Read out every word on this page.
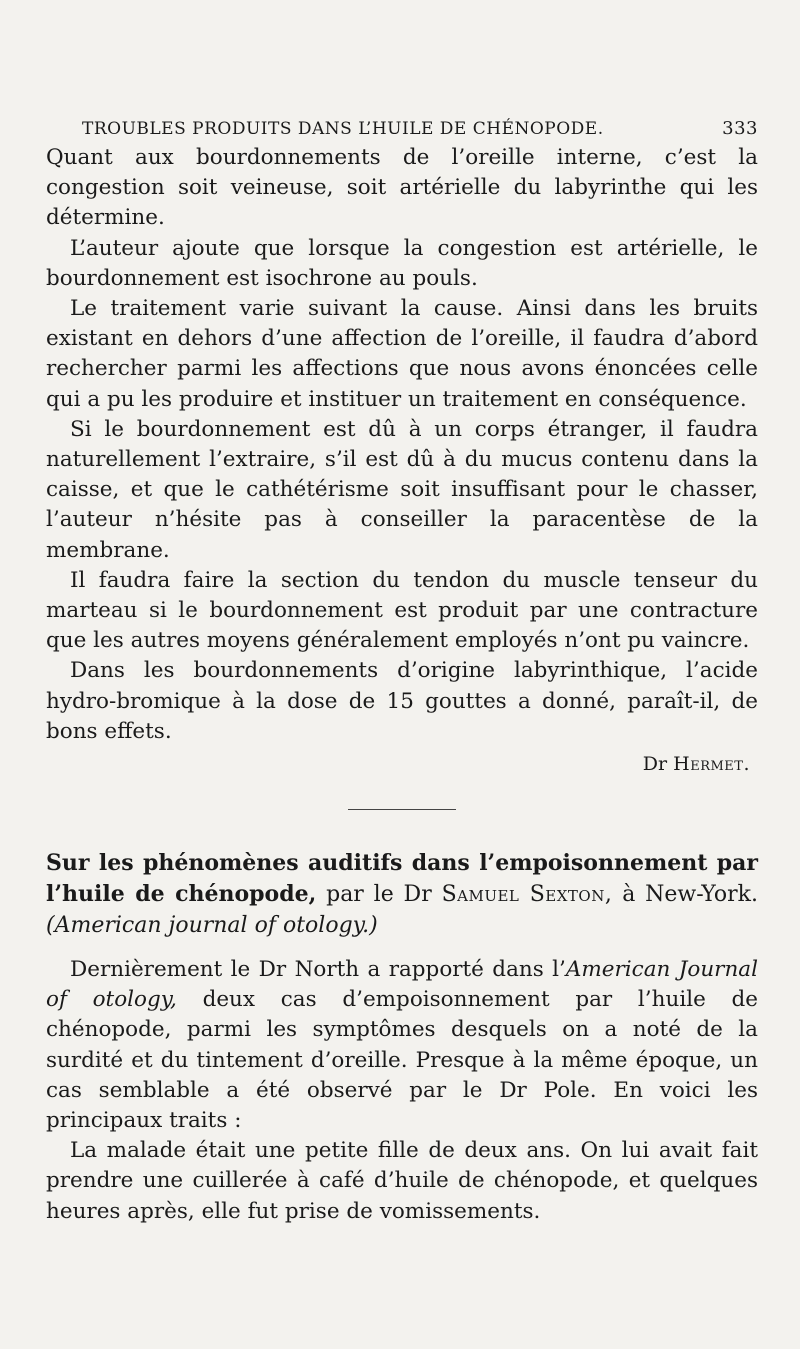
TROUBLES PRODUITS DANS L’HUILE DE CHÉNOPODE.	333

Quant aux bourdonnements de l’oreille interne, c’est la congestion soit veineuse, soit artérielle du labyrinthe qui les détermine.

L’auteur ajoute que lorsque la congestion est artérielle, le bourdonnement est isochrone au pouls.

Le traitement varie suivant la cause. Ainsi dans les bruits existant en dehors d’une affection de l’oreille, il faudra d’abord rechercher parmi les affections que nous avons énoncées celle qui a pu les produire et instituer un traitement en conséquence.

Si le bourdonnement est dû à un corps étranger, il faudra naturellement l’extraire, s’il est dû à du mucus contenu dans la caisse, et que le cathétérisme soit insuffisant pour le chasser, l’auteur n’hésite pas à conseiller la paracentèse de la membrane.

Il faudra faire la section du tendon du muscle tenseur du marteau si le bourdonnement est produit par une contracture que les autres moyens généralement employés n’ont pu vaincre.

Dans les bourdonnements d’origine labyrinthique, l’acide hydro-bromique à la dose de 15 gouttes a donné, paraît-il, de bons effets.

Dr Hermet.
Sur les phénomènes auditifs dans l’empoisonnement par l’huile de chénopode, par le Dr Samuel Sexton, à New-York. (American journal of otology.)

Dernièrement le Dr North a rapporté dans l’American Journal of otology, deux cas d’empoisonnement par l’huile de chénopode, parmi les symptômes desquels on a noté de la surdité et du tintement d’oreille. Presque à la même époque, un cas semblable a été observé par le Dr Pole. En voici les principaux traits :

La malade était une petite fille de deux ans. On lui avait fait prendre une cuillerée à café d’huile de chénopode, et quelques heures après, elle fut prise de vomissements.
